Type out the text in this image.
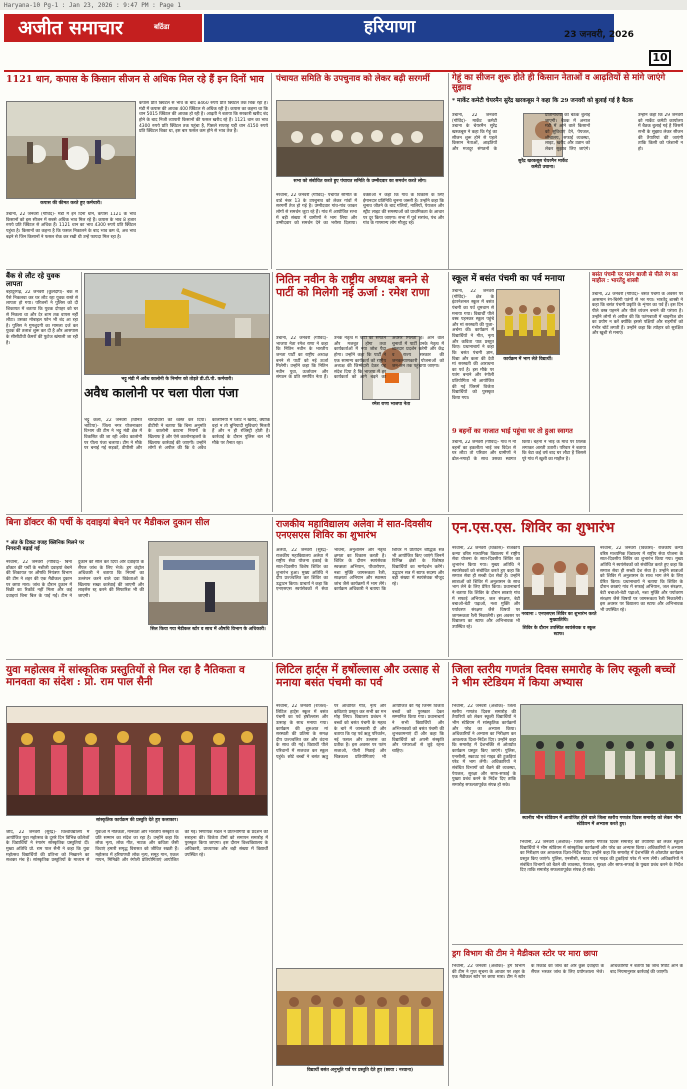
Haryana-10 Pg-1 : Jan 23, 2026 : 9:47 PM : Page 1
अजीत समाचार	बठिंडा	हरियाणा	23 जनवरी, 2026
10
1121 धान, कपास के किसान सीजन से अधिक मिल रहे हैं इन दिनों भाव
कपास की कीमत करते हुए कर्मचारी।
उचाना, 22 जनवरी (गोविंद)- मंडी में इन दिनों धान, कपास 1121 के भाव किसानों को इस सीजन में सबसे अधिक भाव मिल रहे हैं। कपास के भाव 8 हजार रुपये प्रति क्विंटल से अधिक हैं। 1121 धान का भाव 4300 रुपये प्रति क्विंटल पहुंचा है। किसानों का कहना है कि फसल निकालने के बाद भाव कम थे, अब भाव बढ़ने से जिन किसानों ने फसल रोक कर रखी थी उन्हें फायदा मिल रहा है।
कपास प्रति क्विंटल से भाव के बाद 8460 रुपये प्रति क्विंटल तक बिक रहा है। मंडी में कपास की आवक 400 क्विंटल से अधिक रही है। कपास का कहना था कि धान 5015 क्विंटल की आवक हो रही है। आढ़ती ने बताया कि सरकारी खरीद बंद होने के बाद निजी व्यापारी किसानों की फसल खरीद रहे हैं। 1121 धान का भाव 4300 रुपये प्रति क्विंटल तक पहुंचा है, पिछले सप्ताह यही धान 4150 रुपये प्रति क्विंटल बिका था, इस बार फसल कम होने से भाव तेज हैं।
पंचायत समिति के उपचुनाव को लेकर बढ़ी सरगर्मी
सभा को संबोधित करते हुए पंचायत समिति के उम्मीदवार का समर्थन करते लोग।
नरवाना, 22 जनवरी (गोविंद)- पंचायत समिति के वार्ड नंबर 13 के उपचुनाव को लेकर गांवों में सरगर्मी तेज हो गई है। उम्मीदवार गांव-गांव जाकर लोगों से समर्थन जुटा रहे हैं। गांव में आयोजित सभा में बड़ी संख्या में ग्रामीणों ने भाग लिया और उम्मीदवार को समर्थन देने का भरोसा दिलाया। वक्ताओं ने कहा कि गांव के विकास के लिए ईमानदार प्रतिनिधि चुनना जरूरी है। उन्होंने कहा कि चुनाव जीतने के बाद गलियों, नालियों, पेयजल और स्ट्रीट लाइट की समस्याओं को प्राथमिकता के आधार पर दूर किया जाएगा। सभा में पूर्व सरपंच, पंच और गांव के गणमान्य लोग मौजूद रहे।
गेहूं का सीजन शुरू होते ही किसान नेताओं व आढ़तियों से मांगे जाएंगे सुझाव
* मार्केट कमेटी चेयरमैन सुरेंद्र खरकबूस ने कहा कि 29 जनवरी को बुलाई गई है बैठक
सुरेंद्र खरकबूस चेयरमैन मार्केट कमेटी उचाना।
उचाना, 22 जनवरी (गोविंद)- मार्केट कमेटी उचाना के चेयरमैन सुरेंद्र खरकबूस ने कहा कि गेहूं का सीजन शुरू होने से पहले किसान नेताओं, आढ़तियों और मजदूर संगठनों के प्रतिनिधियों की बैठक बुलाई जाएगी। बैठक में अनाज मंडी में आने वाले किसानों को सुविधाएं देने, पेयजल, शौचालय, सफाई व्यवस्था, लाइट, खरीद और उठान को लेकर सुझाव लिए जाएंगे। उन्होंने कहा कि 29 जनवरी को मार्केट कमेटी कार्यालय में बैठक बुलाई गई है जिसमें सभी के सुझाव लेकर सीजन की तैयारियां की जाएंगी ताकि किसी को परेशानी न हो।
बैंक से लौट रहे युवक लापता
बहादुरगढ़, 22 जनवरी (कुलदीप)- बैंक से पैसे निकलवा कर घर लौट रहा युवक रास्ते से लापता हो गया। परिजनों ने पुलिस को दी शिकायत में बताया कि युवक दोपहर को घर से निकला था और देर शाम तक वापस नहीं लौटा। उसका मोबाइल फोन भी बंद आ रहा है। पुलिस ने गुमशुदगी का मामला दर्ज कर युवक की तलाश शुरू कर दी है और आसपास के सीसीटीवी कैमरों की फुटेज खंगाली जा रही है।
नितिन नवीन के राष्ट्रीय अध्यक्ष बनने से पार्टी को मिलेगी नई ऊर्जा : रमेश राणा
रमेश राणा भाजपा नेता
उचाना, 22 जनवरी (गोविंद)- भाजपा नेता रमेश राणा ने कहा कि नितिन नवीन के भारतीय जनता पार्टी का राष्ट्रीय अध्यक्ष बनने से पार्टी को नई ऊर्जा मिलेगी। उन्होंने कहा कि नितिन नवीन युवा, ऊर्जावान और संगठन के प्रति समर्पित नेता हैं। उनके नेतृत्व में पार्टी का संगठन और मजबूत होगा तथा कार्यकर्ताओं में नया जोश पैदा होगा। उन्होंने कहा कि पार्टी ने एक सामान्य कार्यकर्ता को राष्ट्रीय अध्यक्ष की जिम्मेदारी देकर यह संदेश दिया है कि भाजपा में हर कार्यकर्ता को आगे बढ़ने का अवसर मिलता है। आने वाले चुनावों में पार्टी उनके नेतृत्व में शानदार प्रदर्शन करेगी और केंद्र व राज्य सरकार की जनकल्याणकारी योजनाओं को जन-जन तक पहुंचाया जाएगा।
भट्टू मंडी में अवैध कालोनी के निर्माण को तोड़ते डी.टी.पी. कर्मचारी।
अवैध कालोनी पर चला पीला पंजा
भट्टू कलां, 22 जनवरी (विनित भाटिया)- जिला नगर योजनाकार विभाग की टीम ने भट्टू मंडी क्षेत्र में विकसित की जा रही अवैध कालोनी पर पीला पंजा चलाया। टीम ने मौके पर बनाई गई सड़कों, डीपीसी और चारदीवारी को ध्वस्त कर दिया। डीटीपी ने बताया कि बिना अनुमति के कालोनी काटना नियमों के खिलाफ है और ऐसे कालोनाइजरों के खिलाफ कार्रवाई की जाएगी। उन्होंने लोगों से अपील की कि वे अवैध कालोनियों में प्लॉट न खरीदें, क्योंकि वहां न तो बुनियादी सुविधाएं मिलती हैं और न ही रजिस्ट्री होती है। कार्रवाई के दौरान पुलिस बल भी मौके पर तैनात रहा।
बसंत पंचमी पर पतंग बाजी से पीले रंग का माहौल : भारतेंदु शास्त्री
उचाना, 22 जनवरी (गोविंद)- बसंत पंचमी के अवसर पर आसमान रंग-बिरंगी पतंगों से भर गया। भारतेंदु शास्त्री ने कहा कि बसंत पंचमी प्रकृति के शृंगार का पर्व है। इस दिन पीले वस्त्र पहनने और पीले व्यंजन बनाने की परंपरा है। उन्होंने लोगों से अपील की कि पतंगबाजी में चाइनीज डोर का प्रयोग न करें क्योंकि इससे पक्षियों और राहगीरों को गंभीर चोटें लगती हैं। उन्होंने कहा कि त्योहार को सुरक्षित और खुशी से मनाएं।
स्कूल में बसंत पंचमी का पर्व मनाया
कार्यक्रम में भाग लेते विद्यार्थी।
उचाना, 22 जनवरी (गोविंद)- क्षेत्र के इंटरनेशनल स्कूल में बसंत पंचमी का पर्व धूमधाम से मनाया गया। विद्यार्थी पीले वस्त्र पहनकर स्कूल पहुंचे और मां सरस्वती की पूजा-अर्चना की। कार्यक्रम में विद्यार्थियों ने गीत, नृत्य और कविता पाठ प्रस्तुत किए। प्रधानाचार्य ने कहा कि बसंत पंचमी ज्ञान, विद्या और कला की देवी मां सरस्वती की आराधना का पर्व है। इस मौके पर पतंग बनाने और रंगोली प्रतियोगिता भी आयोजित की गई जिसमें विजेता विद्यार्थियों को पुरस्कृत किया गया।
9 बहनों का नाजात भाई पहुंचा घर तो हुआ स्वागत
उचाना, 22 जनवरी (गोविंद)- गांव में नौ बहनों का इकलौता भाई जब विदेश से घर लौटा तो परिवार और ग्रामीणों ने ढोल-नगाड़ों के साथ उसका स्वागत किया। बहनों ने भाई के माथे पर तिलक लगाकर आरती उतारी। परिवार ने बताया कि बेटा कई वर्ष बाद घर लौटा है जिससे पूरे गांव में खुशी का माहौल है।
बिना डॉक्टर की पर्ची के दवाइयां बेचने पर मैडीकल दुकान सील
* अंत के टिकट वजह क्लिनिक मिलने पर निगरानी बढ़ाई गई
सिल किया गया मेडीकल स्टोर व साथ में औषधि विभाग के अधिकारी।
नरवाना, 22 जनवरी (गोविंद)- बिना डॉक्टर की पर्ची के नशीली दवाइयां बेचने की शिकायत पर औषधि नियंत्रण विभाग की टीम ने शहर की एक मैडीकल दुकान पर छापा मारा। जांच के दौरान दुकान में बिक्री का रिकॉर्ड नहीं मिला और कई दवाइयां बिना बिल के पाई गईं। टीम ने दुकान को सील कर दिया और दवाइयों के सैंपल जांच के लिए भेजे। ड्रग कंट्रोल अधिकारी ने बताया कि नियमों का उल्लंघन करने वाले दवा विक्रेताओं के खिलाफ सख्त कार्रवाई की जाएगी और लाइसेंस रद्द करने की सिफारिश भी की जाएगी।
राजकीय महाविद्यालय अलेवा में सात-दिवसीय एनएसएस शिविर का शुभारंभ
अलेवा, 22 जनवरी (सुरेंद्र)- राजकीय महाविद्यालय अलेवा में राष्ट्रीय सेवा योजना इकाई के सात-दिवसीय विशेष शिविर का शुभारंभ हुआ। मुख्य अतिथि ने दीप प्रज्ज्वलित कर शिविर का उद्घाटन किया। प्राचार्य ने कहा कि एनएसएस स्वयंसेवकों में सेवा भावना, अनुशासन और नेतृत्व क्षमता का विकास करती है। शिविर के दौरान स्वयंसेवक स्वच्छता अभियान, पौधारोपण, नशा मुक्ति जागरूकता रैली, साक्षरता अभियान और स्वास्थ्य जांच जैसे कार्यक्रमों में भाग लेंगे। कार्यक्रम अधिकारी ने बताया कि शिविर में प्रतिदिन बौद्धिक सत्र भी आयोजित किए जाएंगे जिनमें विभिन्न क्षेत्रों के विशेषज्ञ विद्यार्थियों का मार्गदर्शन करेंगे। उद्घाटन सत्र में स्टाफ सदस्य और बड़ी संख्या में स्वयंसेवक मौजूद रहे।
एन.एस.एस. शिविर का शुभारंभ
नरवाना : एनएसएस शिविर का शुभारंभ करते मुख्यातिथि।
शिविर के दौरान उपस्थित स्वयंसेवक व स्कूल स्टाफ।
नरवाना, 22 जनवरी (विकास)- राजकीय कन्या वरिष्ठ माध्यमिक विद्यालय में राष्ट्रीय सेवा योजना के सात-दिवसीय शिविर का शुभारंभ किया गया। मुख्य अतिथि ने स्वयंसेवकों को संबोधित करते हुए कहा कि समाज सेवा ही सच्ची देश सेवा है। उन्होंने छात्राओं को शिविर में अनुशासन के साथ भाग लेने के लिए प्रेरित किया। प्रधानाचार्य ने बताया कि शिविर के दौरान छात्राएं गांव में सफाई अभियान, जल संरक्षण, बेटी बचाओ-बेटी पढ़ाओ, नशा मुक्ति और पर्यावरण संरक्षण जैसे विषयों पर जागरूकता रैली निकालेंगी। इस अवसर पर विद्यालय का स्टाफ और अभिभावक भी उपस्थित रहे।
नरवाना, 22 जनवरी (विकास)- राजकीय कन्या वरिष्ठ माध्यमिक विद्यालय में राष्ट्रीय सेवा योजना के सात-दिवसीय शिविर का शुभारंभ किया गया। मुख्य अतिथि ने स्वयंसेवकों को संबोधित करते हुए कहा कि समाज सेवा ही सच्ची देश सेवा है। उन्होंने छात्राओं को शिविर में अनुशासन के साथ भाग लेने के लिए प्रेरित किया। प्रधानाचार्य ने बताया कि शिविर के दौरान छात्राएं गांव में सफाई अभियान, जल संरक्षण, बेटी बचाओ-बेटी पढ़ाओ, नशा मुक्ति और पर्यावरण संरक्षण जैसे विषयों पर जागरूकता रैली निकालेंगी। इस अवसर पर विद्यालय का स्टाफ और अभिभावक भी उपस्थित रहे।
युवा महोत्सव में सांस्कृतिक प्रस्तुतियों से मिल रहा है नैतिकता व मानवता का संदेश : प्रो. राम पाल सैनी
सांस्कृतिक कार्यक्रम की प्रस्तुति देते हुए कलाकार।
जींद, 22 जनवरी (सुरेंद्र)- विश्वविद्यालय में आयोजित युवा महोत्सव के दूसरे दिन विभिन्न कॉलेजों के विद्यार्थियों ने रंगारंग सांस्कृतिक प्रस्तुतियां दीं। मुख्य अतिथि प्रो. राम पाल सैनी ने कहा कि युवा महोत्सव विद्यार्थियों की प्रतिभा को निखारने का सशक्त मंच है। सांस्कृतिक प्रस्तुतियों के माध्यम से युवाओं में नैतिकता, मानवता और भारतीय संस्कृति के प्रति सम्मान का संदेश जा रहा है। उन्होंने कहा कि लोक नृत्य, लोक गीत, नाटक और कविता जैसी विधाएं हमारी समृद्ध विरासत को जीवित रखती हैं। महोत्सव में हरियाणवी लोक नृत्य, समूह गान, एकल गायन, मिमिक्री और रंगोली प्रतियोगिताएं आयोजित की गईं। निर्णायक मंडल ने प्रतिभागियों के प्रदर्शन की सराहना की। विजेता टीमों को समापन समारोह में पुरस्कृत किया जाएगा। इस दौरान विश्वविद्यालय के अधिकारी, प्राध्यापक और बड़ी संख्या में विद्यार्थी उपस्थित रहे।
लिटिल हार्ट्स में हर्षोल्लास और उत्साह से मनाया बसंत पंचमी का पर्व
नरवाना, 22 जनवरी (राजेश)- लिटिल हार्ट्स स्कूल में बसंत पंचमी का पर्व हर्षोल्लास और उत्साह के साथ मनाया गया। कार्यक्रम की शुरुआत मां सरस्वती की प्रतिमा के समक्ष दीप प्रज्ज्वलित कर और वंदना के साथ की गई। विद्यार्थी पीले परिधानों में सजधज कर स्कूल पहुंचे। छोटे बच्चों ने बसंत ऋतु पर आधारित गीत, नृत्य और कविताएं प्रस्तुत कर सभी का मन मोह लिया। विद्यालय प्रबंधन ने बच्चों को बसंत पंचमी के महत्व के बारे में जानकारी दी और बताया कि यह पर्व ऋतु परिवर्तन, नई फसल और उल्लास का प्रतीक है। इस अवसर पर पतंग सजाओ, पीली मिठाई और चित्रकला प्रतियोगिताएं भी आयोजित की गईं जिनमें विजेता बच्चों को पुरस्कार देकर सम्मानित किया गया। प्रधानाचार्य ने सभी विद्यार्थियों और अभिभावकों को बसंत पंचमी की शुभकामनाएं दीं और कहा कि विद्यार्थियों को अपनी संस्कृति और परंपराओं से जुड़े रहना चाहिए।
विद्यार्थी बसंत अनुभूति पर्व पर प्रस्तुति देते हुए (छाया : नरवाना)
जिला स्तरीय गणतंत्र दिवस समारोह के लिए स्कूली बच्चों ने भीम स्टेडियम में किया अभ्यास
भिवानी, 22 जनवरी (अशोक)- जिला स्तरीय गणतंत्र दिवस समारोह की तैयारियों को लेकर स्कूली विद्यार्थियों ने भीम स्टेडियम में सांस्कृतिक कार्यक्रमों और परेड का अभ्यास किया। अधिकारियों ने अभ्यास का निरीक्षण कर आवश्यक दिशा-निर्देश दिए। उन्होंने कहा कि समारोह में देशभक्ति से ओतप्रोत कार्यक्रम प्रस्तुत किए जाएंगे। पुलिस, एनसीसी, स्काउट एवं गाइड की टुकड़ियां परेड में भाग लेंगी। अधिकारियों ने संबंधित विभागों को बैठने की व्यवस्था, पेयजल, सुरक्षा और साफ-सफाई के पुख्ता प्रबंध करने के निर्देश दिए ताकि समारोह सफलतापूर्वक संपन्न हो सके।
स्थानीय भीम स्टेडियम में आयोजित होने वाले जिला स्तरीय गणतंत्र दिवस समारोह को लेकर भीम स्टेडियम में अभ्यास करते हुए।
भिवानी, 22 जनवरी (अशोक)- जिला स्तरीय गणतंत्र दिवस समारोह की तैयारियों को लेकर स्कूली विद्यार्थियों ने भीम स्टेडियम में सांस्कृतिक कार्यक्रमों और परेड का अभ्यास किया। अधिकारियों ने अभ्यास का निरीक्षण कर आवश्यक दिशा-निर्देश दिए। उन्होंने कहा कि समारोह में देशभक्ति से ओतप्रोत कार्यक्रम प्रस्तुत किए जाएंगे। पुलिस, एनसीसी, स्काउट एवं गाइड की टुकड़ियां परेड में भाग लेंगी। अधिकारियों ने संबंधित विभागों को बैठने की व्यवस्था, पेयजल, सुरक्षा और साफ-सफाई के पुख्ता प्रबंध करने के निर्देश दिए ताकि समारोह सफलतापूर्वक संपन्न हो सके।
ड्रग विभाग की टीम ने मैडीकल स्टोर पर मारा छापा
भिवानी, 22 जनवरी (अशोक)- ड्रग विभाग की टीम ने गुप्त सूचना के आधार पर शहर के एक मैडीकल स्टोर पर छापा मारा। टीम ने स्टोर के रिकॉर्ड की जांच की और कुछ दवाइयों के सैंपल भरकर जांच के लिए प्रयोगशाला भेजे। अधिकारियों ने बताया कि जांच रिपोर्ट आने के बाद नियमानुसार कार्रवाई की जाएगी।
